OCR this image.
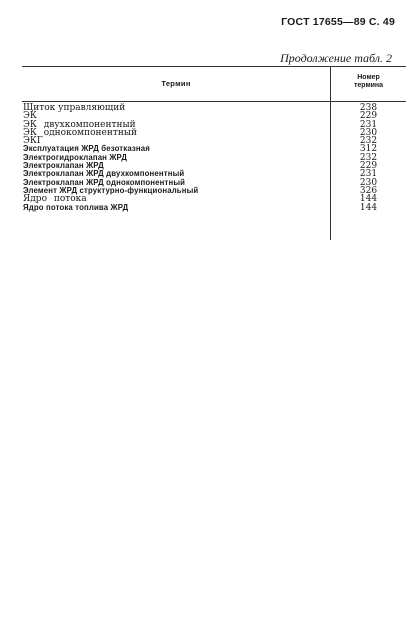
ГОСТ 17655—89 С. 49
Продолжение табл. 2
Термин
Номер
термина
Щиток управляющий	238
ЭК	229
ЭК двухкомпонентный	231
ЭК однокомпонентный	230
ЭКГ	232
Эксплуатация ЖРД безотказная	312
Электрогидроклапан ЖРД	232
Электроклапан ЖРД	229
Электроклапан ЖРД двухкомпонентный	231
Электроклапан ЖРД однокомпонентный	230
Элемент ЖРД структурно-функциональный	326
Ядро потока	144
Ядро потока топлива ЖРД	144
